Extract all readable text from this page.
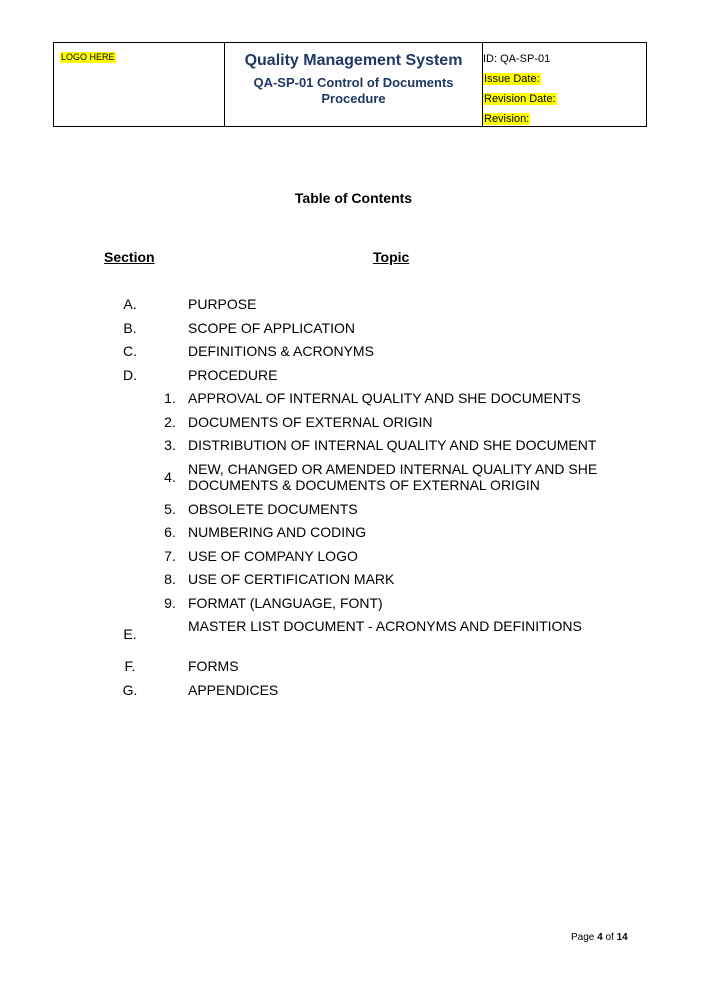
LOGO HERE	Quality Management System
QA-SP-01 Control of Documents Procedure

ID: QA-SP-01
Issue Date:
Revision Date:
Revision:
Table of Contents
Section	Topic
A.	PURPOSE
B.	SCOPE OF APPLICATION
C.	DEFINITIONS & ACRONYMS
D.	PROCEDURE
1. APPROVAL OF INTERNAL QUALITY AND SHE DOCUMENTS
2. DOCUMENTS OF EXTERNAL ORIGIN
3. DISTRIBUTION OF INTERNAL QUALITY AND SHE DOCUMENT
4. NEW, CHANGED OR AMENDED INTERNAL QUALITY AND SHE DOCUMENTS & DOCUMENTS OF EXTERNAL ORIGIN
5. OBSOLETE DOCUMENTS
6. NUMBERING AND CODING
7. USE OF COMPANY LOGO
8. USE OF CERTIFICATION MARK
9. FORMAT (LANGUAGE, FONT)
E.	MASTER LIST DOCUMENT - ACRONYMS AND DEFINITIONS
F.	FORMS
G.	APPENDICES
Page 4 of 14
